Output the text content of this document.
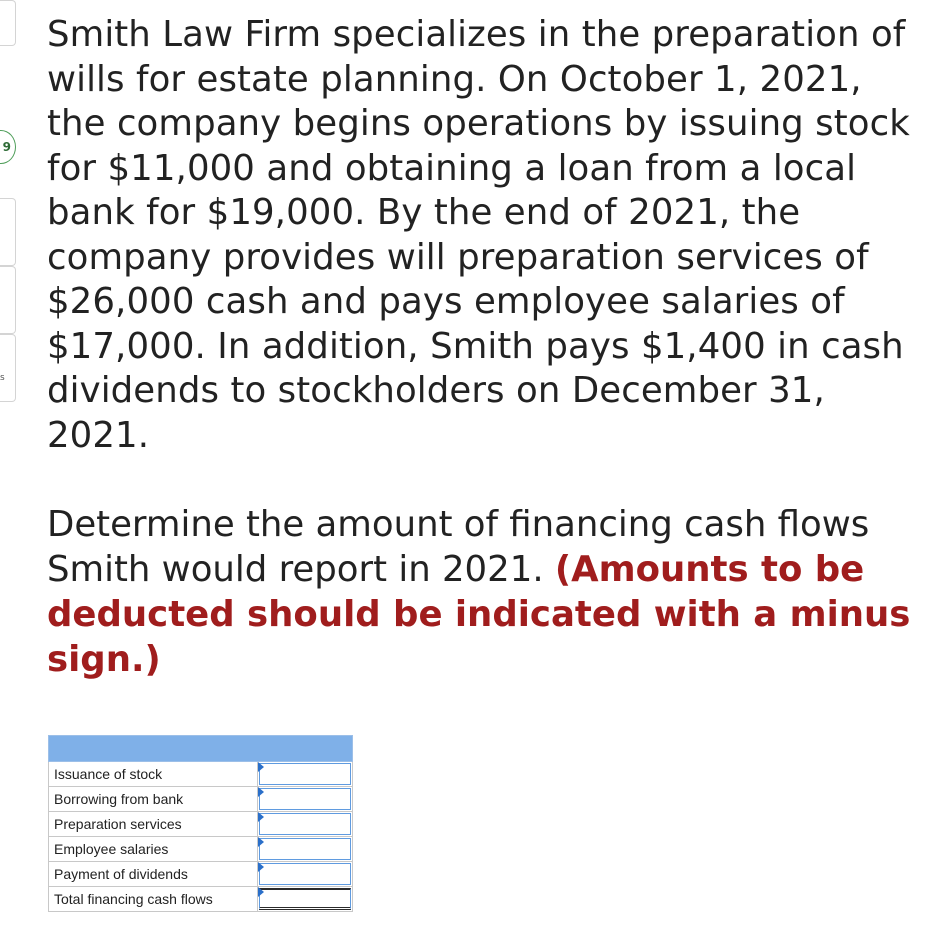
9
s

Smith Law Firm specializes in the preparation of wills for estate planning. On October 1, 2021, the company begins operations by issuing stock for $11,000 and obtaining a loan from a local bank for $19,000. By the end of 2021, the company provides will preparation services of $26,000 cash and pays employee salaries of $17,000. In addition, Smith pays $1,400 in cash dividends to stockholders on December 31, 2021.

Determine the amount of financing cash flows Smith would report in 2021. (Amounts to be deducted should be indicated with a minus sign.)

Issuance of stock	

Borrowing from bank	

Preparation services	

Employee salaries	

Payment of dividends	

Total financing cash flows	
